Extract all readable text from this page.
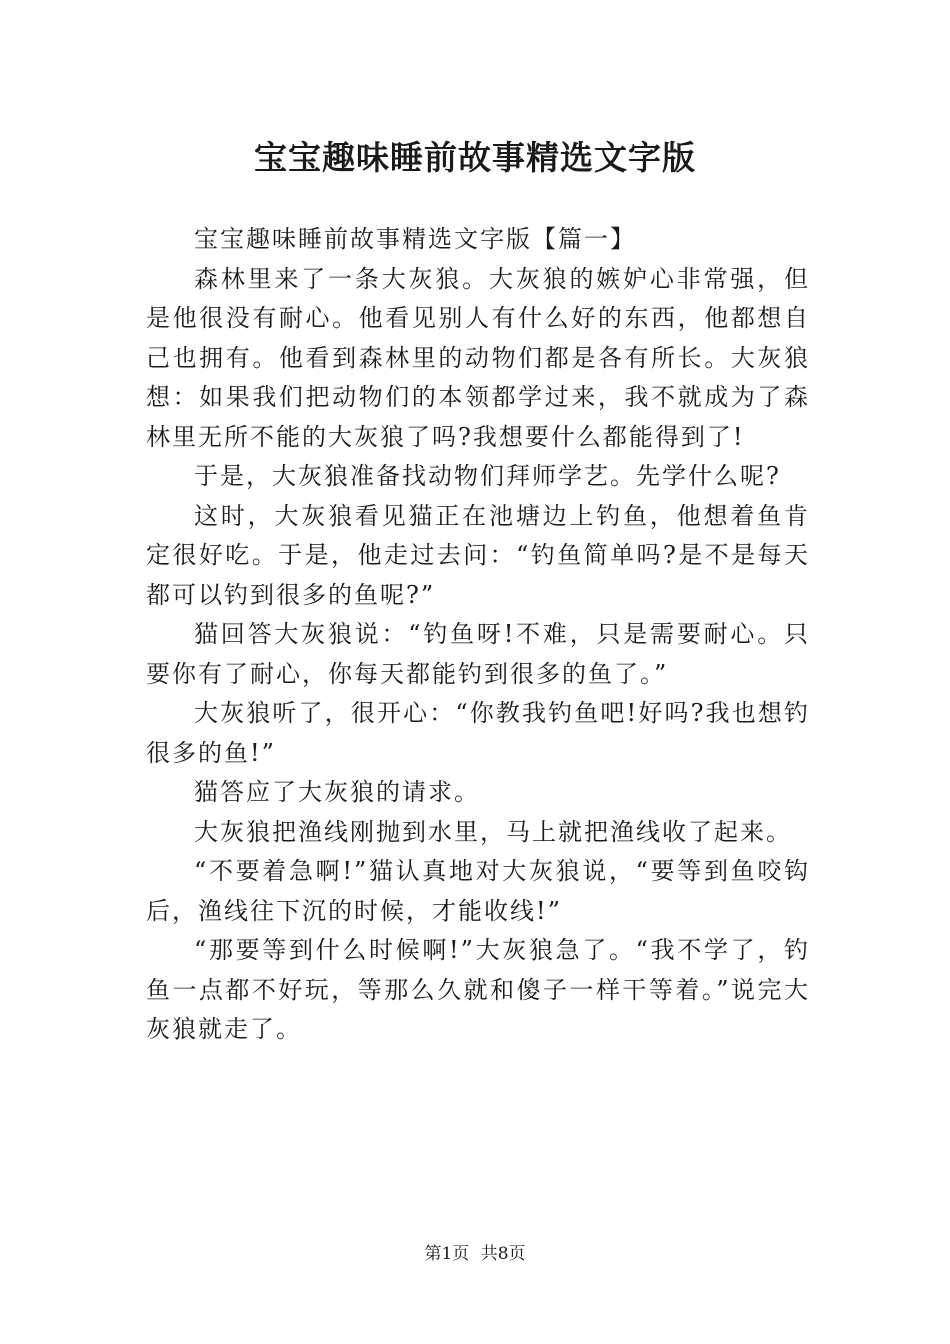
宝宝趣味睡前故事精选文字版

宝宝趣味睡前故事精选文字版【篇一】

森林里来了一条大灰狼。大灰狼的嫉妒心非常强，但是他很没有耐心。他看见别人有什么好的东西，他都想自己也拥有。他看到森林里的动物们都是各有所长。大灰狼想：如果我们把动物们的本领都学过来，我不就成为了森林里无所不能的大灰狼了吗?我想要什么都能得到了!

于是，大灰狼准备找动物们拜师学艺。先学什么呢?

这时，大灰狼看见猫正在池塘边上钓鱼，他想着鱼肯定很好吃。于是，他走过去问：“钓鱼简单吗?是不是每天都可以钓到很多的鱼呢?”

猫回答大灰狼说：“钓鱼呀!不难，只是需要耐心。只要你有了耐心，你每天都能钓到很多的鱼了。”

大灰狼听了，很开心：“你教我钓鱼吧!好吗?我也想钓很多的鱼!”

猫答应了大灰狼的请求。

大灰狼把渔线刚抛到水里，马上就把渔线收了起来。

“不要着急啊!”猫认真地对大灰狼说，“要等到鱼咬钩后，渔线往下沉的时候，才能收线!”

“那要等到什么时候啊!”大灰狼急了。“我不学了，钓鱼一点都不好玩，等那么久就和傻子一样干等着。”说完大灰狼就走了。

第1页 共8页
